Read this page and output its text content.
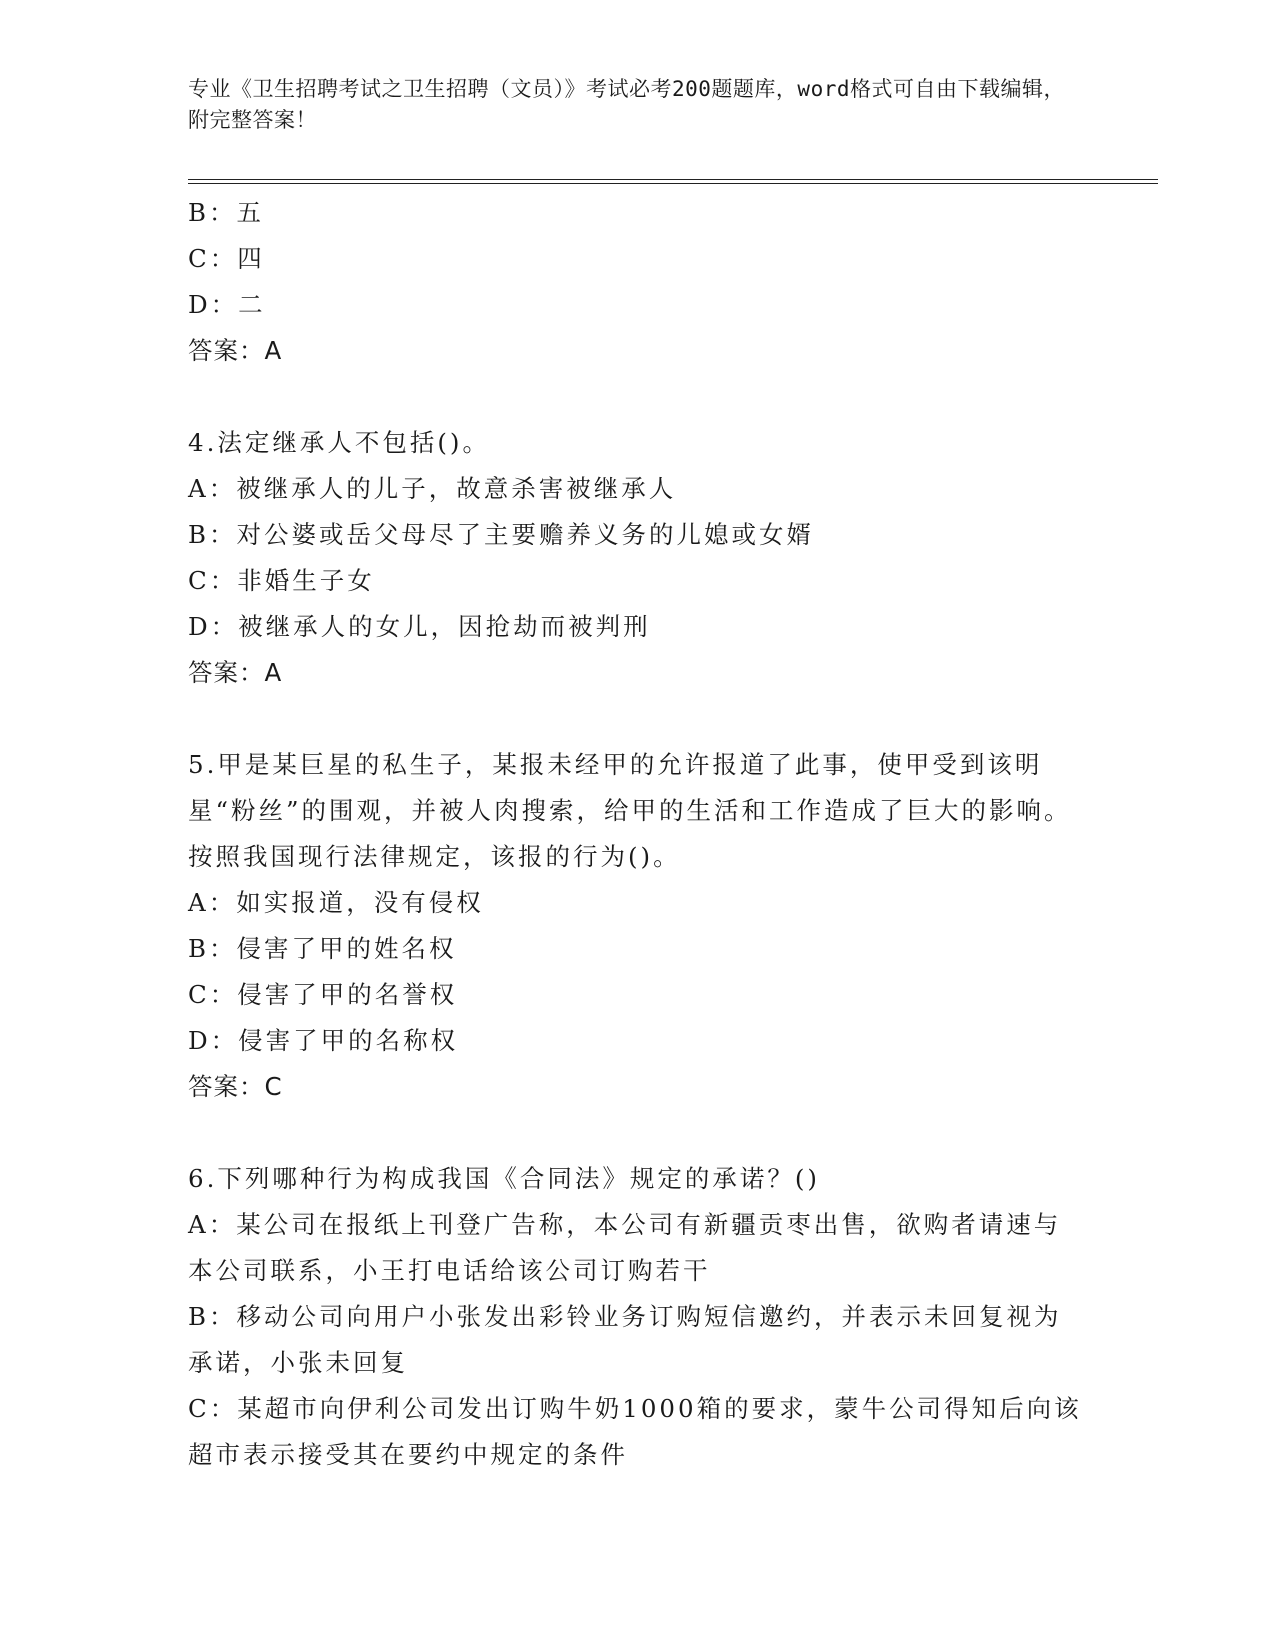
专业《卫生招聘考试之卫生招聘（文员）》考试必考200题题库，word格式可自由下载编辑，附完整答案！
B：五
C：四
D：二
答案：A
4.法定继承人不包括()。
A：被继承人的儿子，故意杀害被继承人
B：对公婆或岳父母尽了主要赡养义务的儿媳或女婿
C：非婚生子女
D：被继承人的女儿，因抢劫而被判刑
答案：A
5.甲是某巨星的私生子，某报未经甲的允许报道了此事，使甲受到该明星“粉丝”的围观，并被人肉搜索，给甲的生活和工作造成了巨大的影响。按照我国现行法律规定，该报的行为()。
A：如实报道，没有侵权
B：侵害了甲的姓名权
C：侵害了甲的名誉权
D：侵害了甲的名称权
答案：C
6.下列哪种行为构成我国《合同法》规定的承诺？()
A：某公司在报纸上刊登广告称，本公司有新疆贡枣出售，欲购者请速与本公司联系，小王打电话给该公司订购若干
B：移动公司向用户小张发出彩铃业务订购短信邀约，并表示未回复视为承诺，小张未回复
C：某超市向伊利公司发出订购牛奶1000箱的要求，蒙牛公司得知后向该超市表示接受其在要约中规定的条件
